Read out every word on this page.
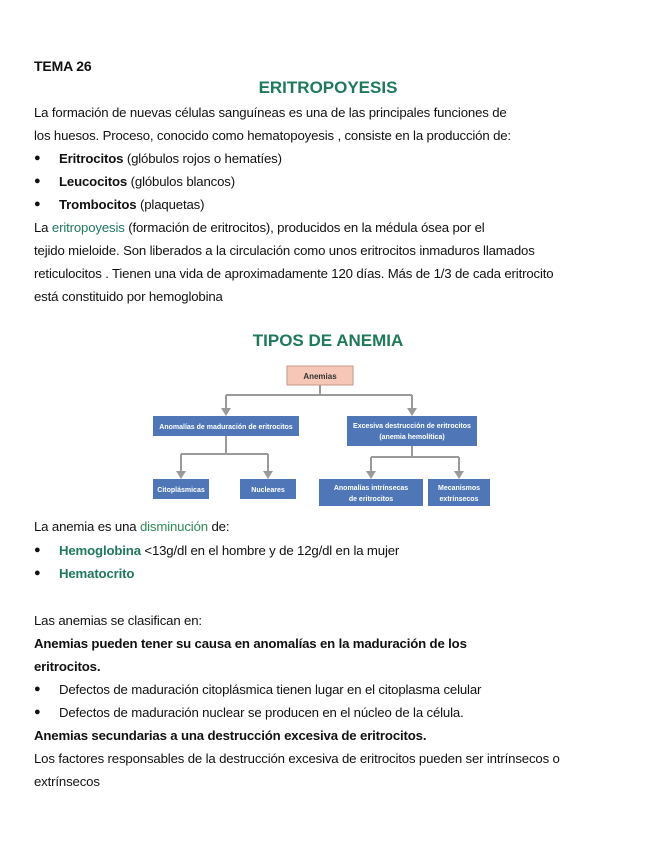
TEMA 26
ERITROPOYESIS
La formación de nuevas células sanguíneas es una de las principales funciones de
los huesos. Proceso, conocido como hematopoyesis , consiste en la producción de:
● Eritrocitos (glóbulos rojos o hematíes)
● Leucocitos (glóbulos blancos)
● Trombocitos (plaquetas)
La eritropoyesis (formación de eritrocitos), producidos en la médula ósea por el
tejido mieloide. Son liberados a la circulación como unos eritrocitos inmaduros llamados
reticulocitos . Tienen una vida de aproximadamente 120 días. Más de 1/3 de cada eritrocito
está constituido por hemoglobina
TIPOS DE ANEMIA
Anemias
Anomalías de maduración de eritrocitos	Excesiva destrucción de eritrocitos
(anemia hemolítica)
Citoplásmicas	Nucleares	Anomalías intrínsecas
de eritrocitos
Mecanismos
extrínsecos
La anemia es una disminución de:
● Hemoglobina <13g/dl en el hombre y de 12g/dl en la mujer
● Hematocrito
Las anemias se clasifican en:
Anemias pueden tener su causa en anomalías en la maduración de los
eritrocitos.
● Defectos de maduración citoplásmica tienen lugar en el citoplasma celular
● Defectos de maduración nuclear se producen en el núcleo de la célula.
Anemias secundarias a una destrucción excesiva de eritrocitos.
Los factores responsables de la destrucción excesiva de eritrocitos pueden ser intrínsecos o
extrínsecos
